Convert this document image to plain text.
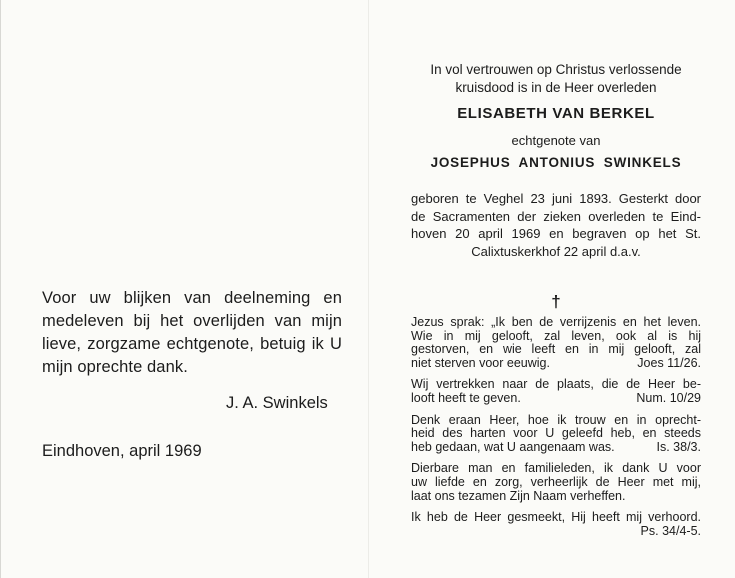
Voor uw blijken van deelneming en
medeleven bij het overlijden van mijn
lieve, zorgzame echtgenote, betuig ik U
mijn oprechte dank.
J. A. Swinkels
Eindhoven, april 1969
In vol vertrouwen op Christus verlossende
kruisdood is in de Heer overleden
ELISABETH VAN BERKEL
echtgenote van
JOSEPHUS ANTONIUS SWINKELS
geboren te Veghel 23 juni 1893. Gesterkt door
de Sacramenten der zieken overleden te Eind-
hoven 20 april 1969 en begraven op het St.
Calixtuskerkhof 22 april d.a.v.
†
Jezus sprak: „Ik ben de verrijzenis en het leven.
Wie in mij gelooft, zal leven, ook al is hij
gestorven, en wie leeft en in mij gelooft, zal
niet sterven voor eeuwig.	Joes 11/26.
Wij vertrekken naar de plaats, die de Heer be-
looft heeft te geven.	Num. 10/29
Denk eraan Heer, hoe ik trouw en in oprecht-
heid des harten voor U geleefd heb, en steeds
heb gedaan, wat U aangenaam was.	Is. 38/3.
Dierbare man en familieleden, ik dank U voor
uw liefde en zorg, verheerlijk de Heer met mij,
laat ons tezamen Zijn Naam verheffen.
Ik heb de Heer gesmeekt, Hij heeft mij verhoord.
Ps. 34/4-5.
